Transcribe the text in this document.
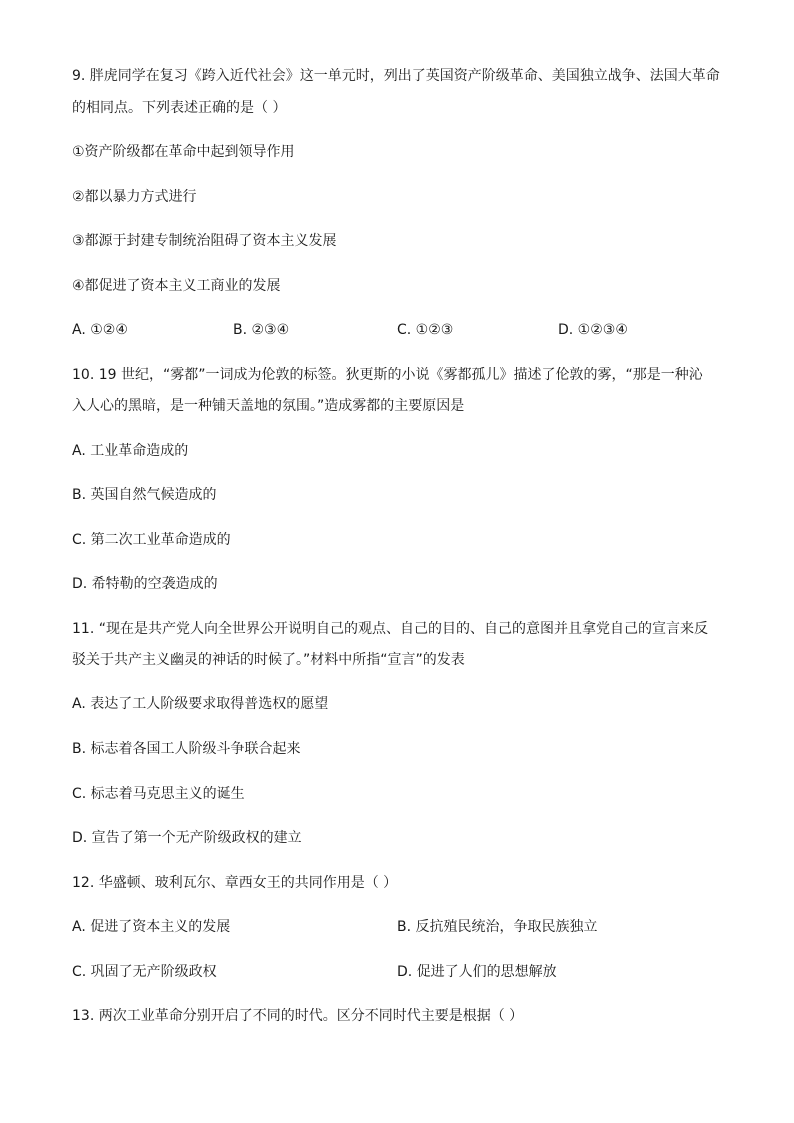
9. 胖虎同学在复习《跨入近代社会》这一单元时，列出了英国资产阶级革命、美国独立战争、法国大革命
的相同点。下列表述正确的是（ ）
①资产阶级都在革命中起到领导作用
②都以暴力方式进行
③都源于封建专制统治阻碍了资本主义发展
④都促进了资本主义工商业的发展
A. ①②④	B. ②③④	C. ①②③	D. ①②③④
10. 19 世纪，“雾都”一词成为伦敦的标签。狄更斯的小说《雾都孤儿》描述了伦敦的雾，“那是一种沁
入人心的黑暗，是一种铺天盖地的氛围。”造成雾都的主要原因是
A. 工业革命造成的
B. 英国自然气候造成的
C. 第二次工业革命造成的
D. 希特勒的空袭造成的
11. “现在是共产党人向全世界公开说明自己的观点、自己的目的、自己的意图并且拿党自己的宣言来反
驳关于共产主义幽灵的神话的时候了。”材料中所指“宣言”的发表
A. 表达了工人阶级要求取得普选权的愿望
B. 标志着各国工人阶级斗争联合起来
C. 标志着马克思主义的诞生
D. 宣告了第一个无产阶级政权的建立
12. 华盛顿、玻利瓦尔、章西女王的共同作用是（ ）
A. 促进了资本主义的发展	B. 反抗殖民统治，争取民族独立
C. 巩固了无产阶级政权	D. 促进了人们的思想解放
13. 两次工业革命分别开启了不同的时代。区分不同时代主要是根据（ ）
